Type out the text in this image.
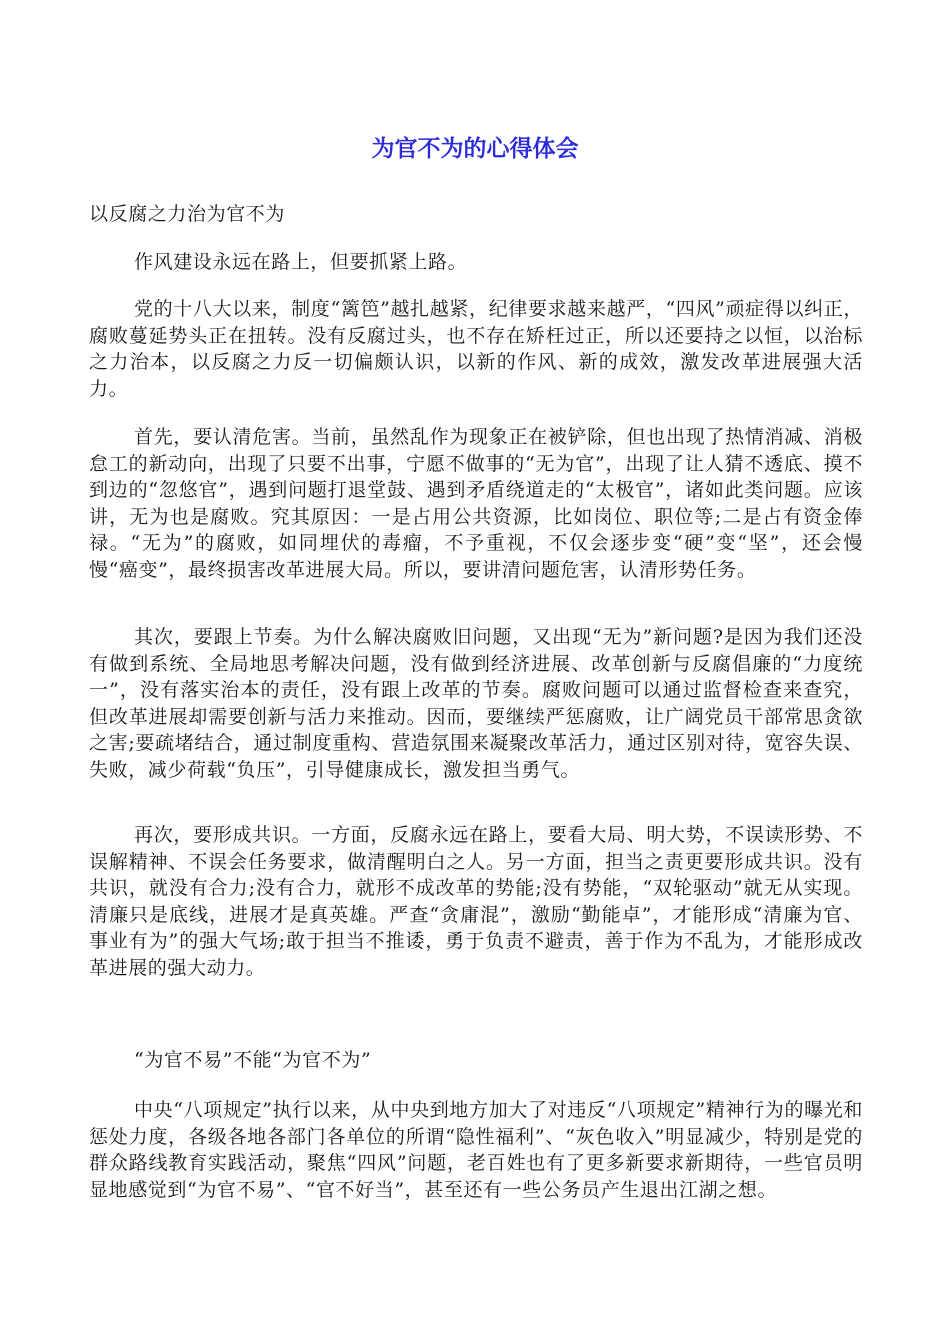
为官不为的心得体会

以反腐之力治为官不为

作风建设永远在路上，但要抓紧上路。

党的十八大以来，制度“篱笆”越扎越紧，纪律要求越来越严，“四风”顽症得以纠正，腐败蔓延势头正在扭转。没有反腐过头，也不存在矫枉过正，所以还要持之以恒，以治标之力治本，以反腐之力反一切偏颇认识，以新的作风、新的成效，激发改革进展强大活力。

首先，要认清危害。当前，虽然乱作为现象正在被铲除，但也出现了热情消减、消极怠工的新动向，出现了只要不出事，宁愿不做事的“无为官”，出现了让人猜不透底、摸不到边的“忽悠官”，遇到问题打退堂鼓、遇到矛盾绕道走的“太极官”，诸如此类问题。应该讲，无为也是腐败。究其原因：一是占用公共资源，比如岗位、职位等;二是占有资金俸禄。“无为”的腐败，如同埋伏的毒瘤，不予重视，不仅会逐步变“硬”变“坚”，还会慢慢“癌变”，最终损害改革进展大局。所以，要讲清问题危害，认清形势任务。

其次，要跟上节奏。为什么解决腐败旧问题，又出现“无为”新问题?是因为我们还没有做到系统、全局地思考解决问题，没有做到经济进展、改革创新与反腐倡廉的“力度统一”，没有落实治本的责任，没有跟上改革的节奏。腐败问题可以通过监督检查来查究，但改革进展却需要创新与活力来推动。因而，要继续严惩腐败，让广阔党员干部常思贪欲之害;要疏堵结合，通过制度重构、营造氛围来凝聚改革活力，通过区别对待，宽容失误、失败，减少荷载“负压”，引导健康成长，激发担当勇气。

再次，要形成共识。一方面，反腐永远在路上，要看大局、明大势，不误读形势、不误解精神、不误会任务要求，做清醒明白之人。另一方面，担当之责更要形成共识。没有共识，就没有合力;没有合力，就形不成改革的势能;没有势能，“双轮驱动”就无从实现。清廉只是底线，进展才是真英雄。严查“贪庸混”，激励“勤能卓”，才能形成“清廉为官、事业有为”的强大气场;敢于担当不推诿，勇于负责不避责，善于作为不乱为，才能形成改革进展的强大动力。

“为官不易”不能“为官不为”

中央“八项规定”执行以来，从中央到地方加大了对违反“八项规定”精神行为的曝光和惩处力度，各级各地各部门各单位的所谓“隐性福利”、“灰色收入”明显减少，特别是党的群众路线教育实践活动，聚焦“四风”问题，老百姓也有了更多新要求新期待，一些官员明显地感觉到“为官不易”、“官不好当”，甚至还有一些公务员产生退出江湖之想。
